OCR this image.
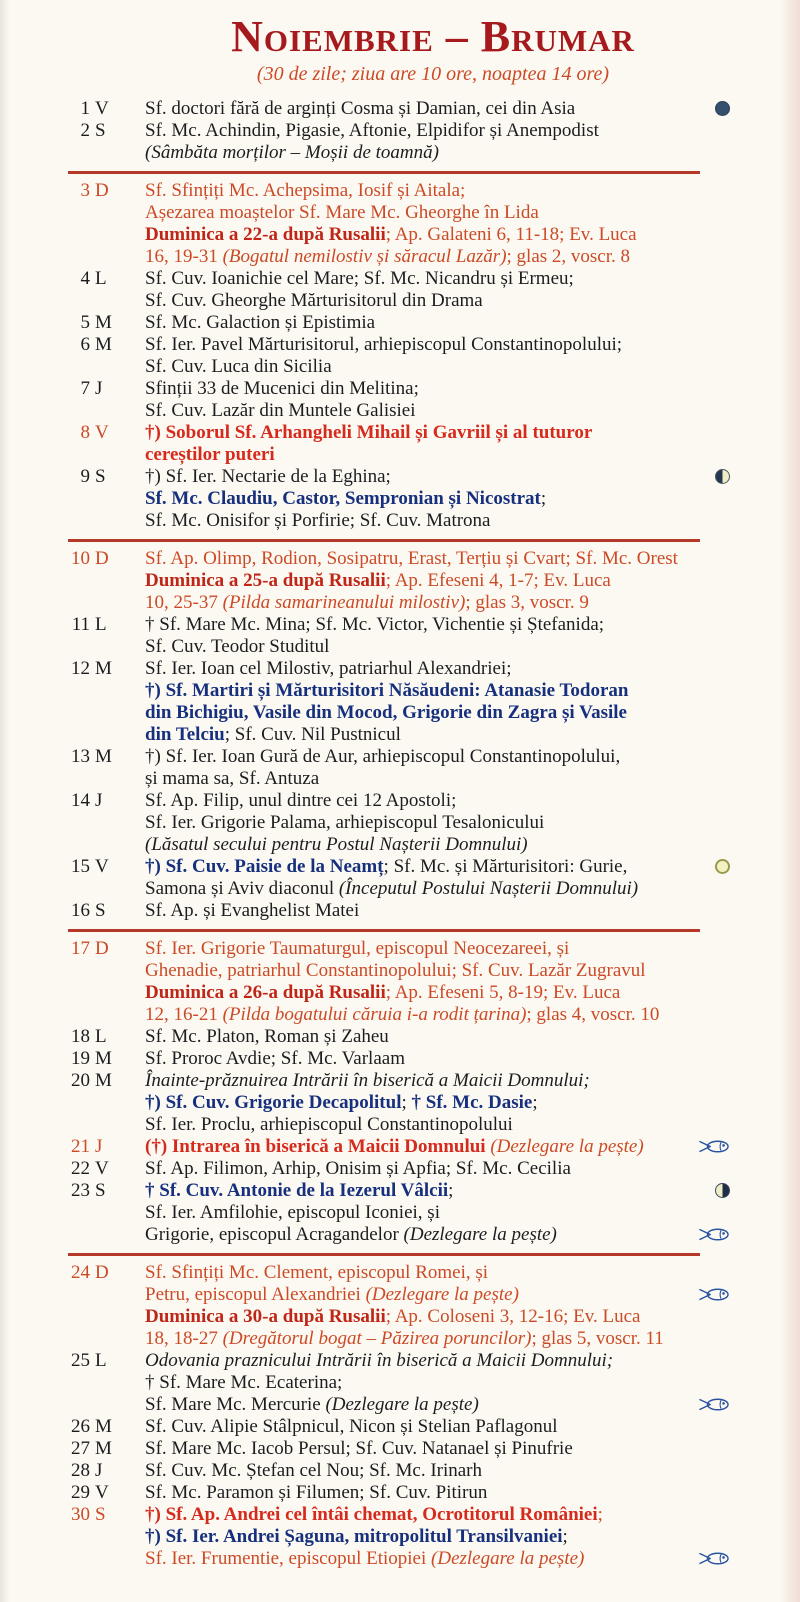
Noiembrie – Brumar
(30 de zile; ziua are 10 ore, noaptea 14 ore)
1 V	Sf. doctori fără de arginți Cosma și Damian, cei din Asia
2 S	Sf. Mc. Achindin, Pigasie, Aftonie, Elpidifor și Anempodist
(Sâmbăta morților – Moșii de toamnă)
3 D	Sf. Sfințiți Mc. Achepsima, Iosif și Aitala;
Așezarea moaștelor Sf. Mare Mc. Gheorghe în Lida
Duminica a 22-a după Rusalii; Ap. Galateni 6, 11-18; Ev. Luca
16, 19-31 (Bogatul nemilostiv și săracul Lazăr); glas 2, voscr. 8
4 L	Sf. Cuv. Ioanichie cel Mare; Sf. Mc. Nicandru și Ermeu;
Sf. Cuv. Gheorghe Mărturisitorul din Drama
5 M	Sf. Mc. Galaction și Epistimia
6 M	Sf. Ier. Pavel Mărturisitorul, arhiepiscopul Constantinopolului;
Sf. Cuv. Luca din Sicilia
7 J	Sfinții 33 de Mucenici din Melitina;
Sf. Cuv. Lazăr din Muntele Galisiei
8 V	†) Soborul Sf. Arhangheli Mihail și Gavriil și al tuturor
cereștilor puteri
9 S	†) Sf. Ier. Nectarie de la Eghina;
Sf. Mc. Claudiu, Castor, Sempronian și Nicostrat;
Sf. Mc. Onisifor și Porfirie; Sf. Cuv. Matrona
10 D	Sf. Ap. Olimp, Rodion, Sosipatru, Erast, Terțiu și Cvart; Sf. Mc. Orest
Duminica a 25-a după Rusalii; Ap. Efeseni 4, 1-7; Ev. Luca
10, 25-37 (Pilda samarineanului milostiv); glas 3, voscr. 9
11 L	† Sf. Mare Mc. Mina; Sf. Mc. Victor, Vichentie și Ștefanida;
Sf. Cuv. Teodor Studitul
12 M	Sf. Ier. Ioan cel Milostiv, patriarhul Alexandriei;
†) Sf. Martiri și Mărturisitori Năsăudeni: Atanasie Todoran
din Bichigiu, Vasile din Mocod, Grigorie din Zagra și Vasile
din Telciu; Sf. Cuv. Nil Pustnicul
13 M	†) Sf. Ier. Ioan Gură de Aur, arhiepiscopul Constantinopolului,
și mama sa, Sf. Antuza
14 J	Sf. Ap. Filip, unul dintre cei 12 Apostoli;
Sf. Ier. Grigorie Palama, arhiepiscopul Tesalonicului
(Lăsatul secului pentru Postul Nașterii Domnului)
15 V	†) Sf. Cuv. Paisie de la Neamț; Sf. Mc. și Mărturisitori: Gurie,
Samona și Aviv diaconul (Începutul Postului Nașterii Domnului)
16 S	Sf. Ap. și Evanghelist Matei
17 D	Sf. Ier. Grigorie Taumaturgul, episcopul Neocezareei, și
Ghenadie, patriarhul Constantinopolului; Sf. Cuv. Lazăr Zugravul
Duminica a 26-a după Rusalii; Ap. Efeseni 5, 8-19; Ev. Luca
12, 16-21 (Pilda bogatului căruia i-a rodit țarina); glas 4, voscr. 10
18 L	Sf. Mc. Platon, Roman și Zaheu
19 M	Sf. Proroc Avdie; Sf. Mc. Varlaam
20 M	Înainte-prăznuirea Intrării în biserică a Maicii Domnului;
†) Sf. Cuv. Grigorie Decapolitul; † Sf. Mc. Dasie;
Sf. Ier. Proclu, arhiepiscopul Constantinopolului
21 J	(†) Intrarea în biserică a Maicii Domnului (Dezlegare la pește)
22 V	Sf. Ap. Filimon, Arhip, Onisim și Apfia; Sf. Mc. Cecilia
23 S	† Sf. Cuv. Antonie de la Iezerul Vâlcii;
Sf. Ier. Amfilohie, episcopul Iconiei, și
Grigorie, episcopul Acragandelor (Dezlegare la pește)
24 D	Sf. Sfințiți Mc. Clement, episcopul Romei, și
Petru, episcopul Alexandriei (Dezlegare la pește)
Duminica a 30-a după Rusalii; Ap. Coloseni 3, 12-16; Ev. Luca
18, 18-27 (Dregătorul bogat – Păzirea poruncilor); glas 5, voscr. 11
25 L	Odovania praznicului Intrării în biserică a Maicii Domnului;
† Sf. Mare Mc. Ecaterina;
Sf. Mare Mc. Mercurie (Dezlegare la pește)
26 M	Sf. Cuv. Alipie Stâlpnicul, Nicon și Stelian Paflagonul
27 M	Sf. Mare Mc. Iacob Persul; Sf. Cuv. Natanael și Pinufrie
28 J	Sf. Cuv. Mc. Ștefan cel Nou; Sf. Mc. Irinarh
29 V	Sf. Mc. Paramon și Filumen; Sf. Cuv. Pitirun
30 S	†) Sf. Ap. Andrei cel întâi chemat, Ocrotitorul României;
†) Sf. Ier. Andrei Șaguna, mitropolitul Transilvaniei;
Sf. Ier. Frumentie, episcopul Etiopiei (Dezlegare la pește)
